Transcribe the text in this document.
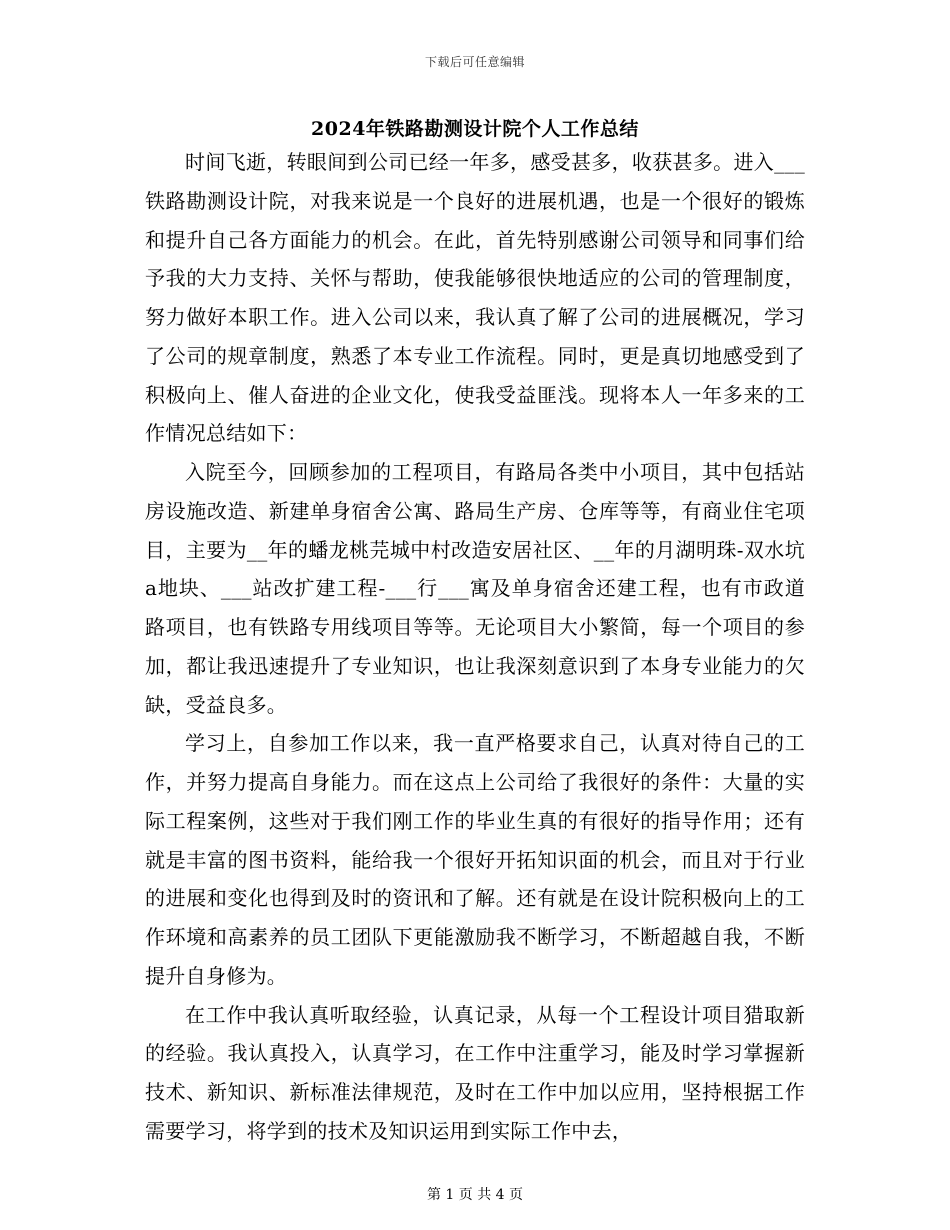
下载后可任意编辑
2024年铁路勘测设计院个人工作总结

时间飞逝，转眼间到公司已经一年多，感受甚多，收获甚多。进入___铁路勘测设计院，对我来说是一个良好的进展机遇，也是一个很好的锻炼和提升自己各方面能力的机会。在此，首先特别感谢公司领导和同事们给予我的大力支持、关怀与帮助，使我能够很快地适应的公司的管理制度，努力做好本职工作。进入公司以来，我认真了解了公司的进展概况，学习了公司的规章制度，熟悉了本专业工作流程。同时，更是真切地感受到了积极向上、催人奋进的企业文化，使我受益匪浅。现将本人一年多来的工作情况总结如下：

入院至今，回顾参加的工程项目，有路局各类中小项目，其中包括站房设施改造、新建单身宿舍公寓、路局生产房、仓库等等，有商业住宅项目，主要为__年的蟠龙桃芫城中村改造安居社区、__年的月湖明珠-双水坑a地块、___站改扩建工程-___行___寓及单身宿舍还建工程，也有市政道路项目，也有铁路专用线项目等等。无论项目大小繁简，每一个项目的参加，都让我迅速提升了专业知识，也让我深刻意识到了本身专业能力的欠缺，受益良多。

学习上，自参加工作以来，我一直严格要求自己，认真对待自己的工作，并努力提高自身能力。而在这点上公司给了我很好的条件：大量的实际工程案例，这些对于我们刚工作的毕业生真的有很好的指导作用；还有就是丰富的图书资料，能给我一个很好开拓知识面的机会，而且对于行业的进展和变化也得到及时的资讯和了解。还有就是在设计院积极向上的工作环境和高素养的员工团队下更能激励我不断学习，不断超越自我，不断提升自身修为。

在工作中我认真听取经验，认真记录，从每一个工程设计项目猎取新的经验。我认真投入，认真学习，在工作中注重学习，能及时学习掌握新技术、新知识、新标准法律规范，及时在工作中加以应用，坚持根据工作需要学习，将学到的技术及知识运用到实际工作中去，

第 1 页 共 4 页
